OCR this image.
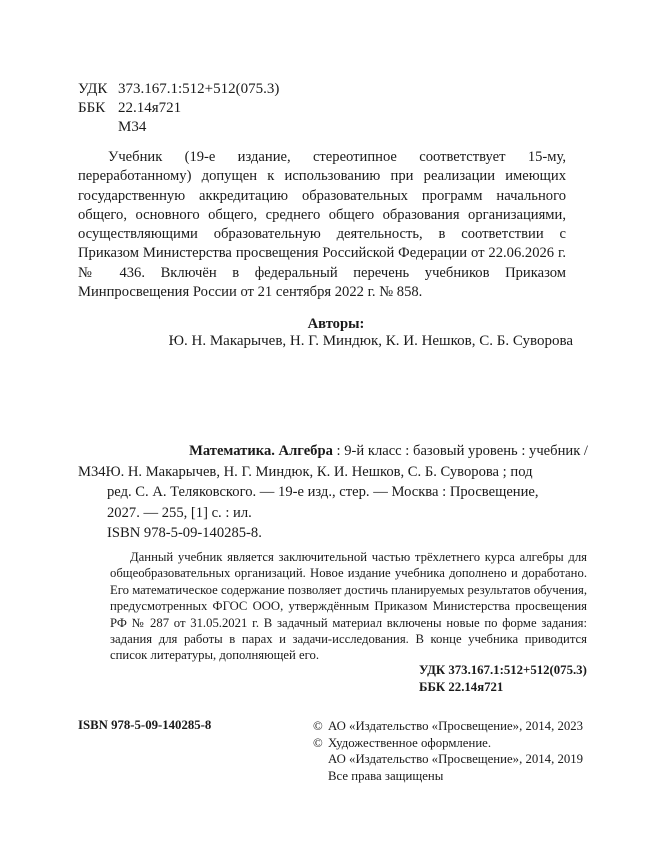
УДК 373.167.1:512+512(075.3)
ББК 22.14я721
М34
Учебник (19-е издание, стереотипное соответствует 15-му, переработанному) допущен к использованию при реализации имеющих государственную аккредитацию образовательных программ начального общего, основного общего, среднего общего образования организациями, осуществляющими образовательную деятельность, в соответствии с Приказом Министерства просвещения Российской Федерации от 22.06.2026 г. № 436. Включён в федеральный перечень учебников Приказом Минпросвещения России от 21 сентября 2022 г. № 858.
Авторы:
Ю. Н. Макарычев, Н. Г. Миндюк, К. И. Нешков, С. Б. Суворова
Математика. Алгебра : 9-й класс : базовый уровень : учебник /
М34 Ю. Н. Макарычев, Н. Г. Миндюк, К. И. Нешков, С. Б. Суворова ; под
ред. С. А. Теляковского. — 19-е изд., стер. — Москва : Просвещение,
2027. — 255, [1] с. : ил.
ISBN 978-5-09-140285-8.
Данный учебник является заключительной частью трёхлетнего курса алгебры для общеобразовательных организаций. Новое издание учебника дополнено и доработано. Его математическое содержание позволяет достичь планируемых результатов обучения, предусмотренных ФГОС ООО, утверждённым Приказом Министерства просвещения РФ № 287 от 31.05.2021 г. В задачный материал включены новые по форме задания: задания для работы в парах и задачи-исследования. В конце учебника приводится список литературы, дополняющей его.
УДК 373.167.1:512+512(075.3)
ББК 22.14я721
ISBN 978-5-09-140285-8	© АО «Издательство «Просвещение», 2014, 2023
© Художественное оформление.
АО «Издательство «Просвещение», 2014, 2019
Все права защищены
